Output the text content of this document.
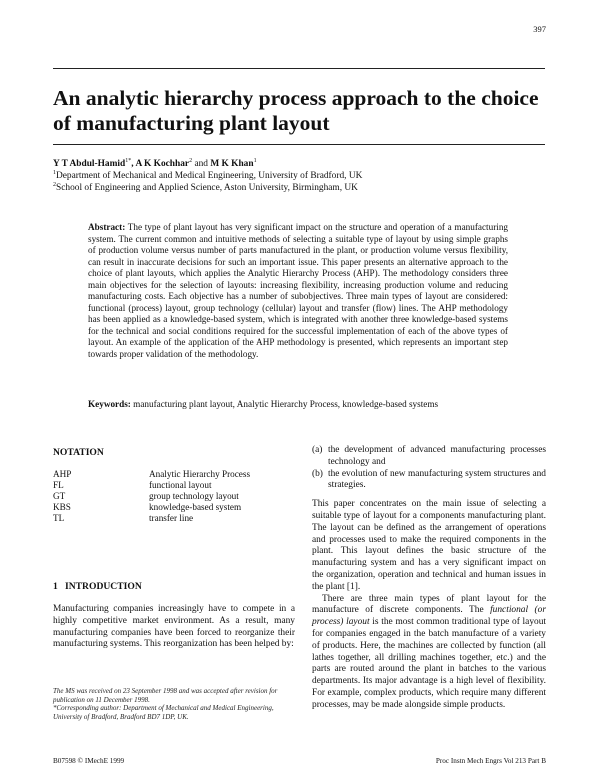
397
An analytic hierarchy process approach to the choice of manufacturing plant layout
Y T Abdul-Hamid$^{1*}$, A K Kochhar$^2$ and M K Khan$^1$
$^1$Department of Mechanical and Medical Engineering, University of Bradford, UK
$^2$School of Engineering and Applied Science, Aston University, Birmingham, UK
Abstract: The type of plant layout has very significant impact on the structure and operation of a manufacturing system. The current common and intuitive methods of selecting a suitable type of layout by using simple graphs of production volume versus number of parts manufactured in the plant, or production volume versus flexibility, can result in inaccurate decisions for such an important issue. This paper presents an alternative approach to the choice of plant layouts, which applies the Analytic Hierarchy Process (AHP). The methodology considers three main objectives for the selection of layouts: increasing flexibility, increasing production volume and reducing manufacturing costs. Each objective has a number of subobjectives. Three main types of layout are considered: functional (process) layout, group technology (cellular) layout and transfer (flow) lines. The AHP methodology has been applied as a knowledge-based system, which is integrated with another three knowledge-based systems for the technical and social conditions required for the successful implementation of each of the above types of layout. An example of the application of the AHP methodology is presented, which represents an important step towards proper validation of the methodology.
Keywords: manufacturing plant layout, Analytic Hierarchy Process, knowledge-based systems
NOTATION
AHP	Analytic Hierarchy Process
FL	functional layout
GT	group technology layout
KBS	knowledge-based system
TL	transfer line
1 INTRODUCTION
Manufacturing companies increasingly have to compete in a highly competitive market environment. As a result, many manufacturing companies have been forced to reorganize their manufacturing systems. This reorganization has been helped by:

The MS was received on 23 September 1998 and was accepted after revision for publication on 11 December 1998.

*Corresponding author: Department of Mechanical and Medical Engineering, University of Bradford, Bradford BD7 1DP, UK.

(a) the development of advanced manufacturing processes technology and
(b) the evolution of new manufacturing system structures and strategies.

This paper concentrates on the main issue of selecting a suitable type of layout for a components manufacturing plant. The layout can be defined as the arrangement of operations and processes used to make the required components in the plant. This layout defines the basic structure of the manufacturing system and has a very significant impact on the organization, operation and technical and human issues in the plant [1].

There are three main types of plant layout for the manufacture of discrete components. The functional (or process) layout is the most common traditional type of layout for companies engaged in the batch manufacture of a variety of products. Here, the machines are collected by function (all lathes together, all drilling machines together, etc.) and the parts are routed around the plant in batches to the various departments. Its major advantage is a high level of flexibility. For example, complex products, which require many different processes, may be made alongside simple products.

B07598 © IMechE 1999	Proc Instn Mech Engrs Vol 213 Part B
